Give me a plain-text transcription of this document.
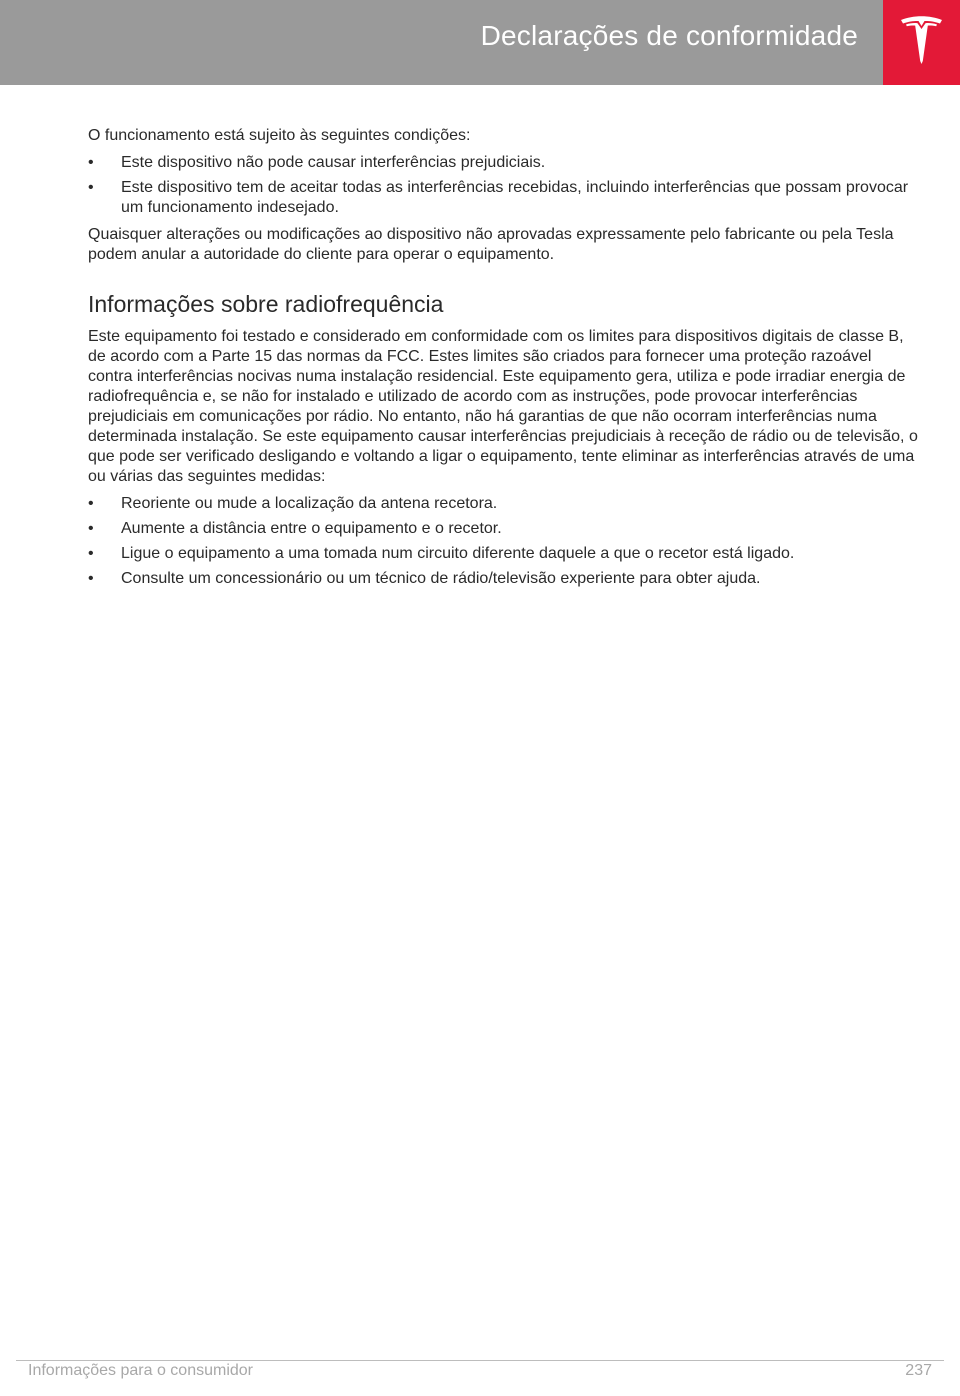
Declarações de conformidade

O funcionamento está sujeito às seguintes condições:

• Este dispositivo não pode causar interferências prejudiciais.
• Este dispositivo tem de aceitar todas as interferências recebidas, incluindo interferências que possam provocar um funcionamento indesejado.

Quaisquer alterações ou modificações ao dispositivo não aprovadas expressamente pelo fabricante ou pela Tesla podem anular a autoridade do cliente para operar o equipamento.

Informações sobre radiofrequência

Este equipamento foi testado e considerado em conformidade com os limites para dispositivos digitais de classe B, de acordo com a Parte 15 das normas da FCC. Estes limites são criados para fornecer uma proteção razoável contra interferências nocivas numa instalação residencial. Este equipamento gera, utiliza e pode irradiar energia de radiofrequência e, se não for instalado e utilizado de acordo com as instruções, pode provocar interferências prejudiciais em comunicações por rádio. No entanto, não há garantias de que não ocorram interferências numa determinada instalação. Se este equipamento causar interferências prejudiciais à receção de rádio ou de televisão, o que pode ser verificado desligando e voltando a ligar o equipamento, tente eliminar as interferências através de uma ou várias das seguintes medidas:

• Reoriente ou mude a localização da antena recetora.
• Aumente a distância entre o equipamento e o recetor.
• Ligue o equipamento a uma tomada num circuito diferente daquele a que o recetor está ligado.
• Consulte um concessionário ou um técnico de rádio/televisão experiente para obter ajuda.
Informações para o consumidor	237
